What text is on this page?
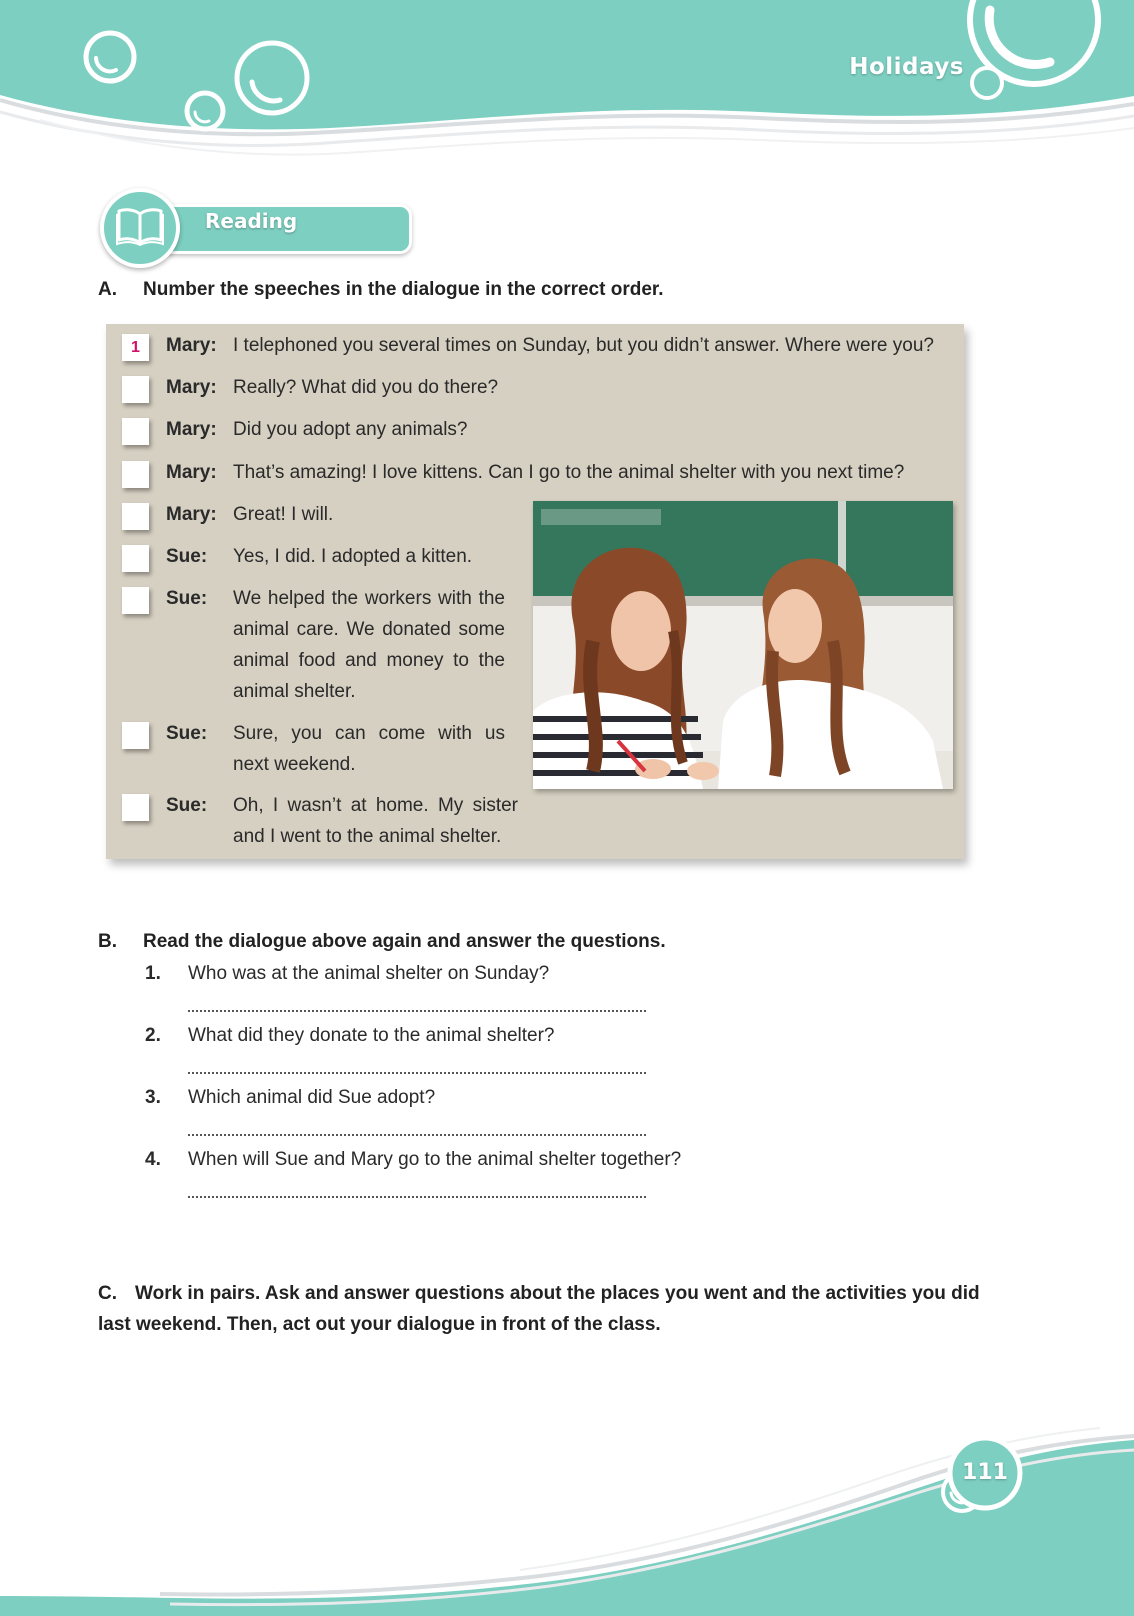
Holidays
Reading
A. Number the speeches in the dialogue in the correct order.
1	Mary: I telephoned you several times on Sunday, but you didn’t answer. Where were you?
Mary: Really? What did you do there?
Mary: Did you adopt any animals?
Mary: That’s amazing! I love kittens. Can I go to the animal shelter with you next time?
Mary: Great! I will.
Sue: Yes, I did. I adopted a kitten.
Sue: We helped the workers with the animal care. We donated some animal food and money to the animal shelter.
Sue: Sure, you can come with us next weekend.
Sue: Oh, I wasn’t at home. My sister and I went to the animal shelter.
B. Read the dialogue above again and answer the questions.
1. Who was at the animal shelter on Sunday?
2. What did they donate to the animal shelter?
3. Which animal did Sue adopt?
4. When will Sue and Mary go to the animal shelter together?
C. Work in pairs. Ask and answer questions about the places you went and the activities you did last weekend. Then, act out your dialogue in front of the class.
111
